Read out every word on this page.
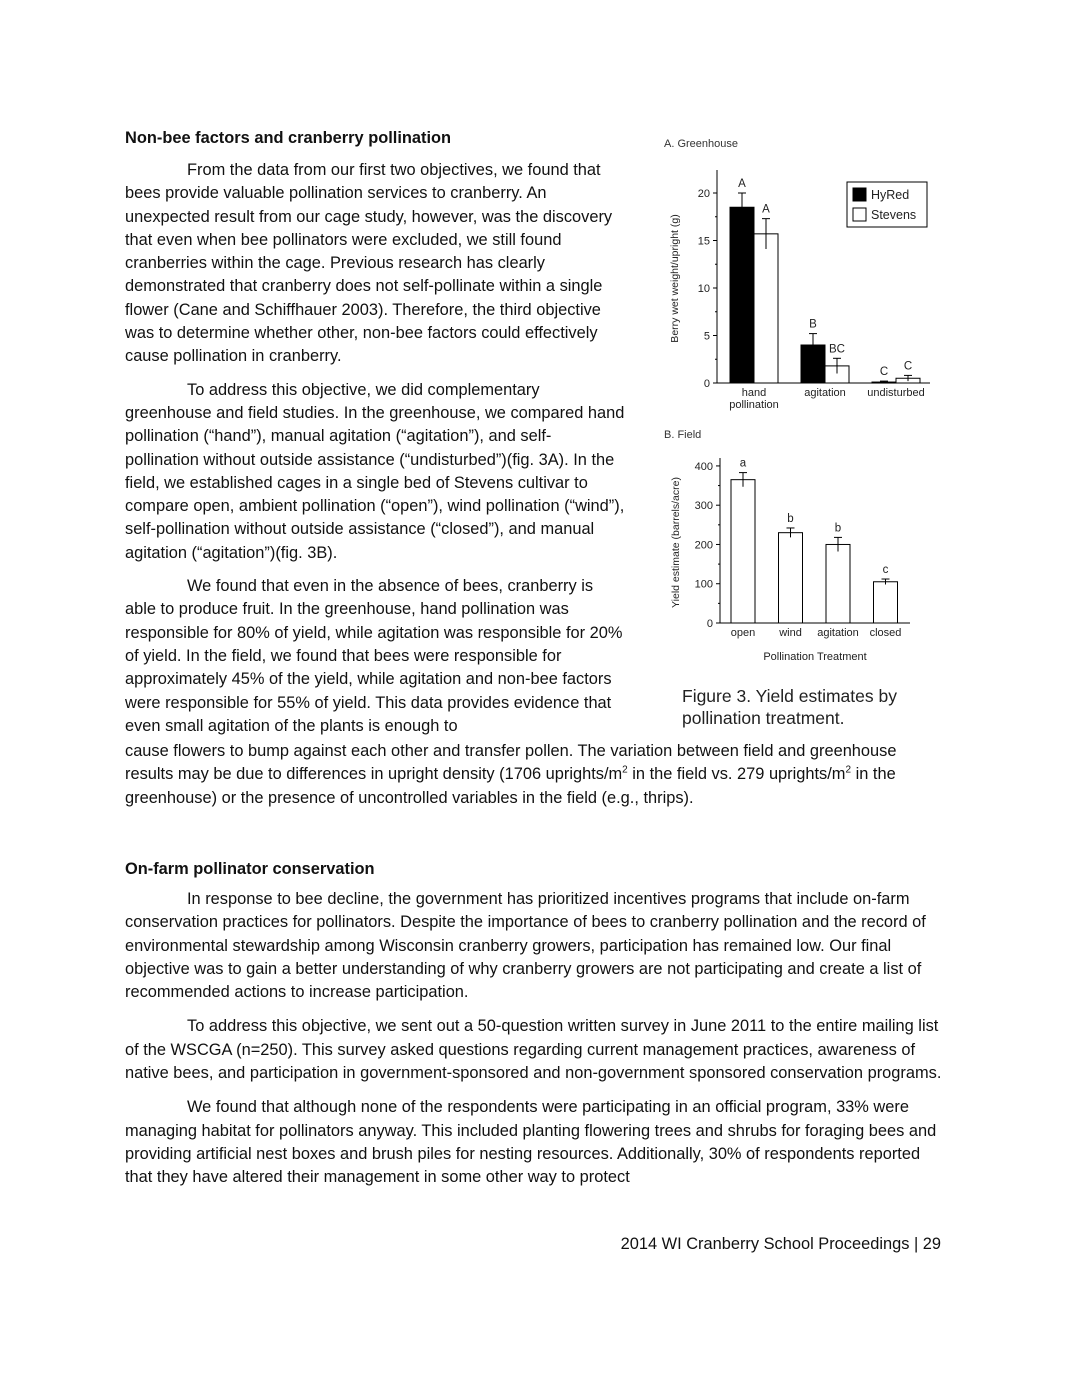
Non-bee factors and cranberry pollination

From the data from our first two objectives, we found that bees provide valuable pollination services to cranberry. An unexpected result from our cage study, however, was the discovery that even when bee pollinators were excluded, we still found cranberries within the cage. Previous research has clearly demonstrated that cranberry does not self-pollinate within a single flower (Cane and Schiffhauer 2003). Therefore, the third objective was to determine whether other, non-bee factors could effectively cause pollination in cranberry.

To address this objective, we did complementary greenhouse and field studies. In the greenhouse, we compared hand pollination (“hand”), manual agitation (“agitation”), and self-pollination without outside assistance (“undisturbed”)(fig. 3A). In the field, we established cages in a single bed of Stevens cultivar to compare open, ambient pollination (“open”), wind pollination (“wind”), self-pollination without outside assistance (“closed”), and manual agitation (“agitation”)(fig. 3B).

We found that even in the absence of bees, cranberry is able to produce fruit. In the greenhouse, hand pollination was responsible for 80% of yield, while agitation was responsible for 20% of yield. In the field, we found that bees were responsible for approximately 45% of the yield, while agitation and non-bee factors were responsible for 55% of yield. This data provides evidence that even small agitation of the plants is enough to

cause flowers to bump against each other and transfer pollen. The variation between field and greenhouse results may be due to differences in upright density (1706 uprights/$m^2$ in the field vs. 279 uprights/$m^2$ in the greenhouse) or the presence of uncontrolled variables in the field (e.g., thrips).
A. Greenhouse
0
5
10
15
20
Berry wet weight/upright (g)
A
A
hand
pollination
B
BC
agitation
C C
undisturbed
HyRed
Stevens
B. Field
0
100
200
300
400
Yield estimate (barrels/acre)
a
open
b
wind
b
agitation
c
closed
Pollination Treatment
Figure 3. Yield estimates by pollination treatment.
On-farm pollinator conservation

In response to bee decline, the government has prioritized incentives programs that include on-farm conservation practices for pollinators. Despite the importance of bees to cranberry pollination and the record of environmental stewardship among Wisconsin cranberry growers, participation has remained low. Our final objective was to gain a better understanding of why cranberry growers are not participating and create a list of recommended actions to increase participation.

To address this objective, we sent out a 50-question written survey in June 2011 to the entire mailing list of the WSCGA (n=250). This survey asked questions regarding current management practices, awareness of native bees, and participation in government-sponsored and non-government sponsored conservation programs.

We found that although none of the respondents were participating in an official program, 33% were managing habitat for pollinators anyway. This included planting flowering trees and shrubs for foraging bees and providing artificial nest boxes and brush piles for nesting resources. Additionally, 30% of respondents reported that they have altered their management in some other way to protect

2014 WI Cranberry School Proceedings | 29
